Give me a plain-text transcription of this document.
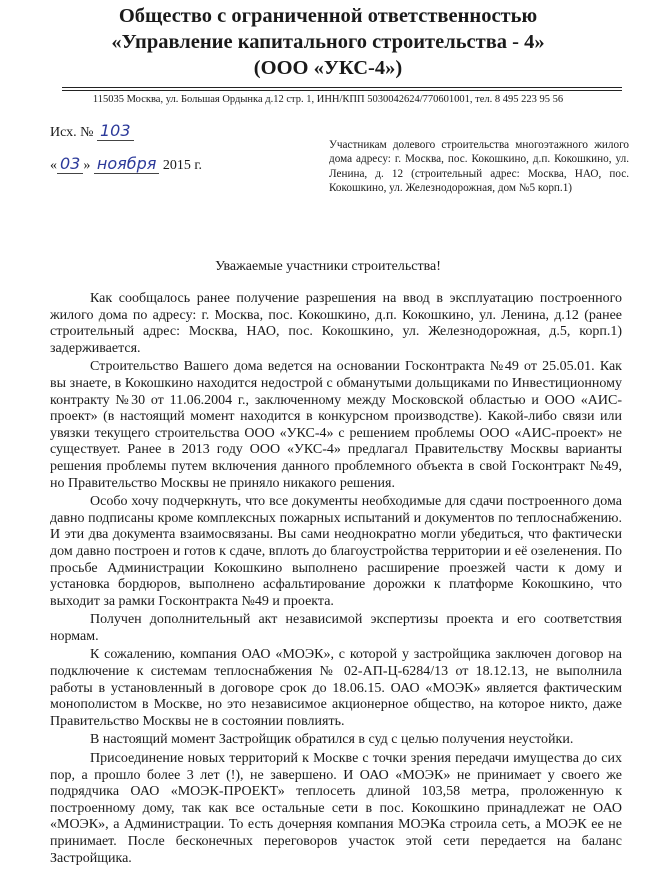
Общество с ограниченной ответственностью
«Управление капитального строительства - 4»
(ООО «УКС-4»)
115035 Москва, ул. Большая Ордынка д.12 стр. 1, ИНН/КПП 5030042624/770601001, тел. 8 495 223 95 56
Исх. № 103
« 03 » ноября 2015 г.
Участникам долевого строительства многоэтажного жилого дома адресу: г. Москва, пос. Кокошкино, д.п. Кокошкино, ул. Ленина, д. 12 (строительный адрес: Москва, НАО, пос. Кокошкино, ул. Железнодорожная, дом №5 корп.1)
Уважаемые участники строительства!

Как сообщалось ранее получение разрешения на ввод в эксплуатацию построенного жилого дома по адресу: г. Москва, пос. Кокошкино, д.п. Кокошкино, ул. Ленина, д.12 (ранее строительный адрес: Москва, НАО, пос. Кокошкино, ул. Железнодорожная, д.5, корп.1) задерживается.

Строительство Вашего дома ведется на основании Госконтракта №49 от 25.05.01. Как вы знаете, в Кокошкино находится недострой с обманутыми дольщиками по Инвестиционному контракту №30 от 11.06.2004 г., заключенному между Московской областью и ООО «АИС-проект» (в настоящий момент находится в конкурсном производстве). Какой-либо связи или увязки текущего строительства ООО «УКС-4» с решением проблемы ООО «АИС-проект» не существует. Ранее в 2013 году ООО «УКС-4» предлагал Правительству Москвы варианты решения проблемы путем включения данного проблемного объекта в свой Госконтракт №49, но Правительство Москвы не приняло никакого решения.

Особо хочу подчеркнуть, что все документы необходимые для сдачи построенного дома давно подписаны кроме комплексных пожарных испытаний и документов по теплоснабжению. И эти два документа взаимосвязаны. Вы сами неоднократно могли убедиться, что фактически дом давно построен и готов к сдаче, вплоть до благоустройства территории и её озеленения. По просьбе Администрации Кокошкино выполнено расширение проезжей части к дому и установка бордюров, выполнено асфальтирование дорожки к платформе Кокошкино, что выходит за рамки Госконтракта №49 и проекта.

Получен дополнительный акт независимой экспертизы проекта и его соответствия нормам.

К сожалению, компания ОАО «МОЭК», с которой у застройщика заключен договор на подключение к системам теплоснабжения № 02-АП-Ц-6284/13 от 18.12.13, не выполнила работы в установленный в договоре срок до 18.06.15. ОАО «МОЭК» является фактическим монополистом в Москве, но это независимое акционерное общество, на которое никто, даже Правительство Москвы не в состоянии повлиять.

В настоящий момент Застройщик обратился в суд с целью получения неустойки.

Присоединение новых территорий к Москве с точки зрения передачи имущества до сих пор, а прошло более 3 лет (!), не завершено. И ОАО «МОЭК» не принимает у своего же подрядчика ОАО «МОЭК-ПРОЕКТ» теплосеть длиной 103,58 метра, проложенную к построенному дому, так как все остальные сети в пос. Кокошкино принадлежат не ОАО «МОЭК», а Администрации. То есть дочерняя компания МОЭКа строила сеть, а МОЭК ее не принимает. После бесконечных переговоров участок этой сети передается на баланс Застройщика.
